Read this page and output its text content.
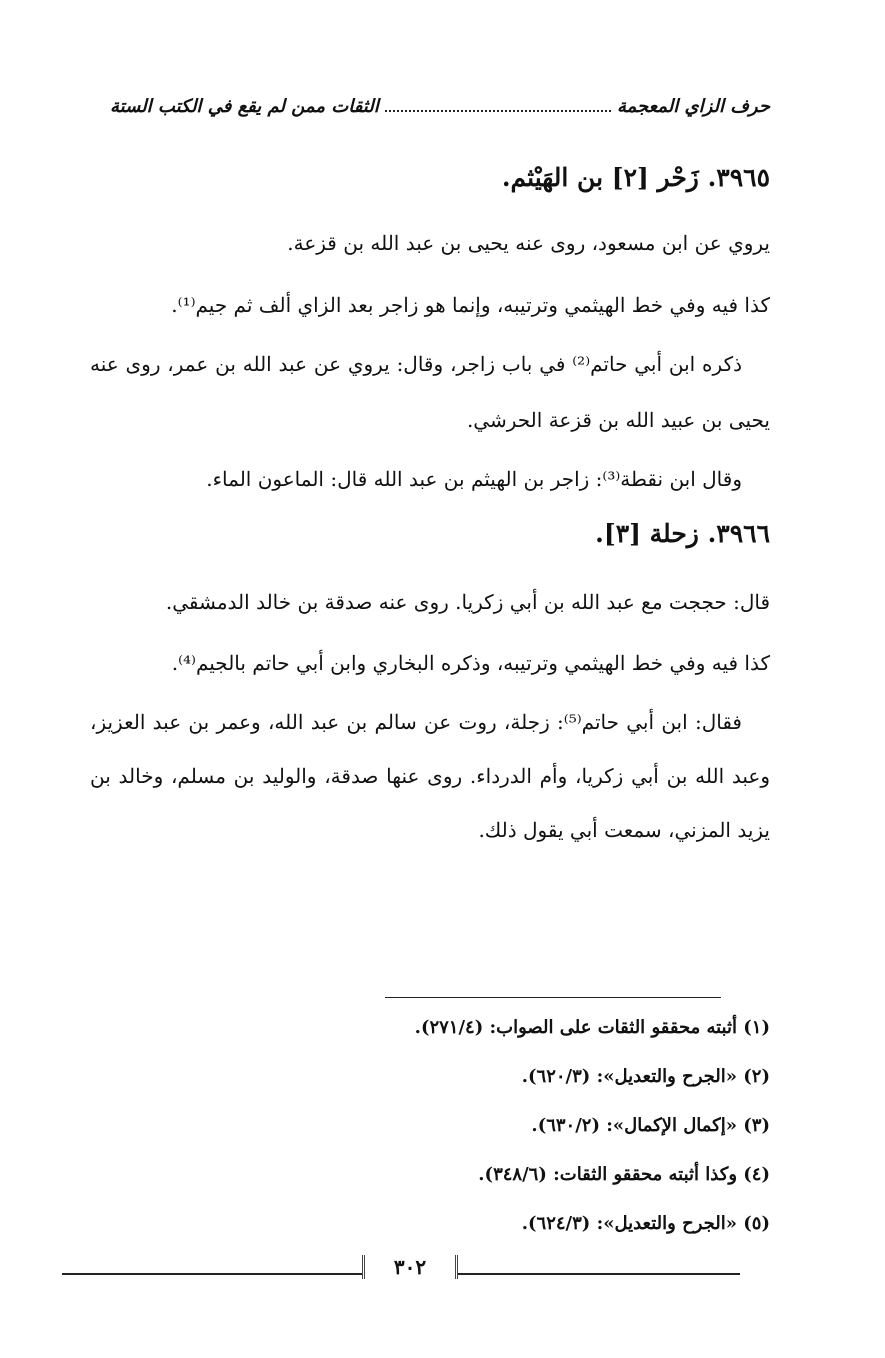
حرف الزاي المعجمة
الثقات ممن لم يقع في الكتب الستة
٣٩٦٥. زَحْر [٢] بن الهَيْثم.
يروي عن ابن مسعود، روى عنه يحيى بن عبد الله بن قزعة.
كذا فيه وفي خط الهيثمي وترتيبه، وإنما هو زاجر بعد الزاي ألف ثم جيم⁽¹⁾.
ذكره ابن أبي حاتم⁽²⁾ في باب زاجر، وقال: يروي عن عبد الله بن عمر، روى عنه يحيى بن عبيد الله بن قزعة الحرشي.
وقال ابن نقطة⁽³⁾: زاجر بن الهيثم بن عبد الله قال: الماعون الماء.
٣٩٦٦. زحلة [٣].
قال: حججت مع عبد الله بن أبي زكريا. روى عنه صدقة بن خالد الدمشقي.
كذا فيه وفي خط الهيثمي وترتيبه، وذكره البخاري وابن أبي حاتم بالجيم⁽⁴⁾.
فقال: ابن أبي حاتم⁽⁵⁾: زجلة، روت عن سالم بن عبد الله، وعمر بن عبد العزيز، وعبد الله بن أبي زكريا، وأم الدرداء. روى عنها صدقة، والوليد بن مسلم، وخالد بن يزيد المزني، سمعت أبي يقول ذلك.
(١) أثبته محققو الثقات على الصواب: (٢٧١/٤).
(٢) «الجرح والتعديل»: (٦٢٠/٣).
(٣) «إكمال الإكمال»: (٦٣٠/٢).
(٤) وكذا أثبته محققو الثقات: (٣٤٨/٦).
(٥) «الجرح والتعديل»: (٦٢٤/٣).
٣٠٢
